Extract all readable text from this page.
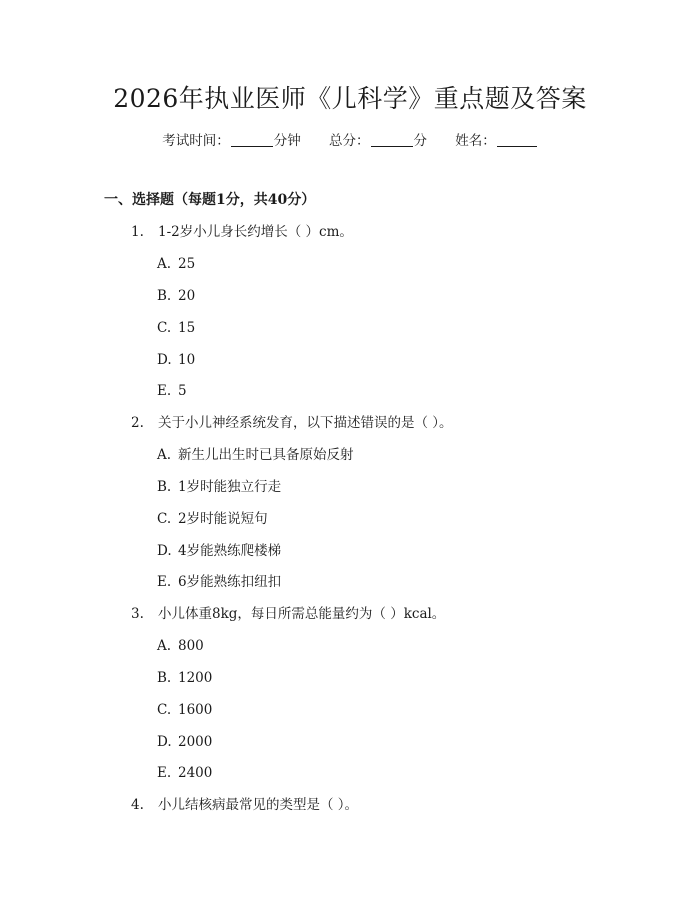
2026年执业医师《儿科学》重点题及答案
考试时间：	分钟 总分：	分 姓名：
一、选择题（每题1分，共40分）
1. 1-2岁小儿身长约增长（ ）cm。
A. 25
B. 20
C. 15
D. 10
E. 5
2. 关于小儿神经系统发育，以下描述错误的是（ ）。
A. 新生儿出生时已具备原始反射
B. 1岁时能独立行走
C. 2岁时能说短句
D. 4岁能熟练爬楼梯
E. 6岁能熟练扣纽扣
3. 小儿体重8kg，每日所需总能量约为（ ）kcal。
A. 800
B. 1200
C. 1600
D. 2000
E. 2400
4. 小儿结核病最常见的类型是（ ）。
